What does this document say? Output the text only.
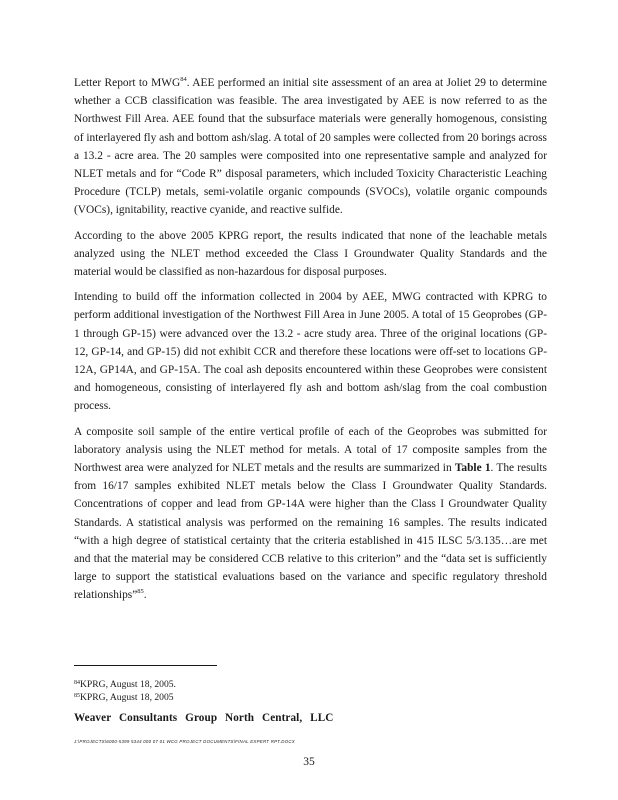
Letter Report to MWG$^{84}$. AEE performed an initial site assessment of an area at Joliet 29 to determine whether a CCB classification was feasible. The area investigated by AEE is now referred to as the Northwest Fill Area. AEE found that the subsurface materials were generally homogenous, consisting of interlayered fly ash and bottom ash/slag. A total of 20 samples were collected from 20 borings across a 13.2 - acre area. The 20 samples were composited into one representative sample and analyzed for NLET metals and for “Code R” disposal parameters, which included Toxicity Characteristic Leaching Procedure (TCLP) metals, semi-volatile organic compounds (SVOCs), volatile organic compounds (VOCs), ignitability, reactive cyanide, and reactive sulfide.

According to the above 2005 KPRG report, the results indicated that none of the leachable metals analyzed using the NLET method exceeded the Class I Groundwater Quality Standards and the material would be classified as non-hazardous for disposal purposes.

Intending to build off the information collected in 2004 by AEE, MWG contracted with KPRG to perform additional investigation of the Northwest Fill Area in June 2005. A total of 15 Geoprobes (GP-1 through GP-15) were advanced over the 13.2 - acre study area. Three of the original locations (GP-12, GP-14, and GP-15) did not exhibit CCR and therefore these locations were off-set to locations GP-12A, GP14A, and GP-15A. The coal ash deposits encountered within these Geoprobes were consistent and homogeneous, consisting of interlayered fly ash and bottom ash/slag from the coal combustion process.

A composite soil sample of the entire vertical profile of each of the Geoprobes was submitted for laboratory analysis using the NLET method for metals. A total of 17 composite samples from the Northwest area were analyzed for NLET metals and the results are summarized in Table 1. The results from 16/17 samples exhibited NLET metals below the Class I Groundwater Quality Standards. Concentrations of copper and lead from GP-14A were higher than the Class I Groundwater Quality Standards. A statistical analysis was performed on the remaining 16 samples. The results indicated “with a high degree of statistical certainty that the criteria established in 415 ILSC 5/3.135…are met and that the material may be considered CCB relative to this criterion” and the “data set is sufficiently large to support the statistical evaluations based on the variance and specific regulatory threshold relationships”$^{85}$.

$^{84}$KPRG, August 18, 2005.
$^{85}$KPRG, August 18, 2005
Weaver Consultants Group North Central, LLC
J:\PROJECTS\6000-5399 5344 000 07 01 WCG PROJECT DOCUMENTS\FINAL EXPERT RPT.DOCX
35
